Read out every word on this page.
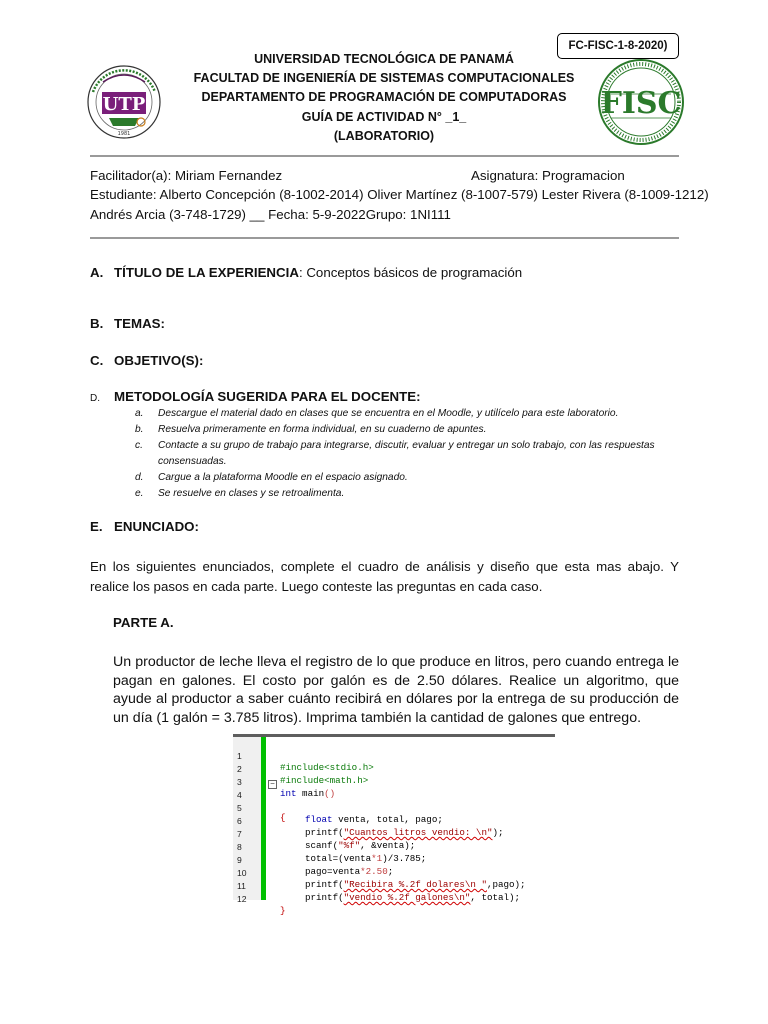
FC-FISC-1-8-2020)
UTP
1981
UNIVERSIDAD TECNOLÓGICA DE PANAMÁ
FACULTAD DE INGENIERÍA DE SISTEMAS COMPUTACIONALES
DEPARTAMENTO DE PROGRAMACIÓN DE COMPUTADORAS
GUÍA DE ACTIVIDAD N° _1_
(LABORATORIO)
FISC
Facilitador(a): Miriam Fernandez	Asignatura: Programacion
Estudiante: Alberto Concepción (8-1002-2014) Oliver Martínez (8-1007-579) Lester Rivera (8-1009-1212)
Andrés Arcia (3-748-1729) __ Fecha: 5-9-2022Grupo: 1NI111
A. TÍTULO DE LA EXPERIENCIA: Conceptos básicos de programación
B. TEMAS:
C. OBJETIVO(S):
D. METODOLOGÍA SUGERIDA PARA EL DOCENTE:
a. Descargue el material dado en clases que se encuentra en el Moodle, y utilícelo para este laboratorio.
b. Resuelva primeramente en forma individual, en su cuaderno de apuntes.
c. Contacte a su grupo de trabajo para integrarse, discutir, evaluar y entregar un solo trabajo, con las respuestas consensuadas.
d. Cargue a la plataforma Moodle en el espacio asignado.
e. Se resuelve en clases y se retroalimenta.
E. ENUNCIADO:
En los siguientes enunciados, complete el cuadro de análisis y diseño que esta mas abajo. Y realice los pasos en cada parte. Luego conteste las preguntas en cada caso.
PARTE A.
Un productor de leche lleva el registro de lo que produce en litros, pero cuando entrega le pagan en galones. El costo por galón es de 2.50 dólares. Realice un algoritmo, que ayude al productor a saber cuánto recibirá en dólares por la entrega de su producción de un día (1 galón = 3.785 litros). Imprima también la cantidad de galones que entrego.

1

#include<stdio.h>

2

#include<math.h>

3

int main()

4

−

{

5

float venta, total, pago;

6

printf("Cuantos litros vendio: \n");

7

scanf("%f", &venta);

8

total=(venta*1)/3.785;

9

pago=venta*2.50;

10

printf("Recibira %.2f dolares\n ",pago);

11

printf("vendio %.2f galones\n", total);

12

}
